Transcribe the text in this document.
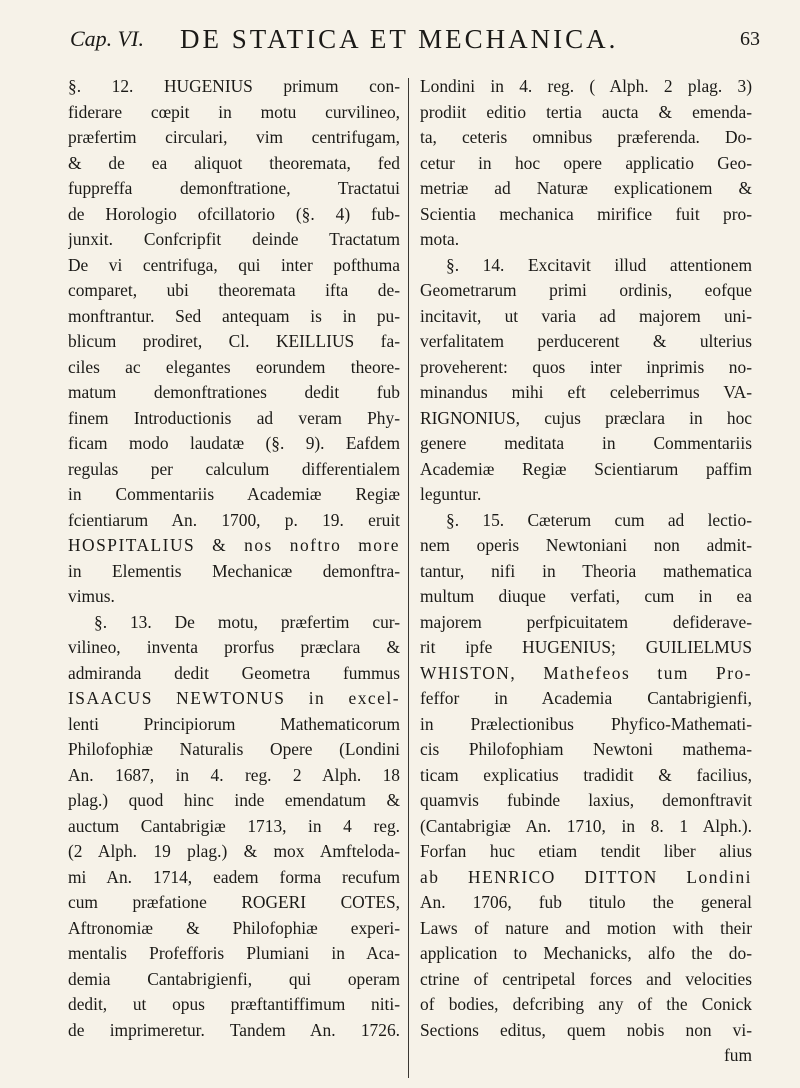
Cap. VI. DE STATICA ET MECHANICA.	63
§. 12. HUGENIUS primum con-
fiderare cœpit in motu curvilineo,
præfertim circulari, vim centrifugam,
& de ea aliquot theoremata, fed
fuppreffa demonftratione, Tractatui
de Horologio ofcillatorio (§. 4) fub-
junxit. Confcripfit deinde Tractatum
De vi centrifuga, qui inter pofthuma
comparet, ubi theoremata ifta de-
monftrantur. Sed antequam is in pu-
blicum prodiret, Cl. KEILLIUS fa-
ciles ac elegantes eorundem theore-
matum demonftrationes dedit fub
finem Introductionis ad veram Phy-
ficam modo laudatæ (§. 9). Eafdem
regulas per calculum differentialem
in Commentariis Academiæ Regiæ
fcientiarum An. 1700, p. 19. eruit
HOSPITALIUS & nos noftro more
in Elementis Mechanicæ demonftra-
vimus.
§. 13. De motu, præfertim cur-
vilineo, inventa prorfus præclara &
admiranda dedit Geometra fummus
ISAACUS NEWTONUS in excel-
lenti Principiorum Mathematicorum
Philofophiæ Naturalis Opere (Londini
An. 1687, in 4. reg. 2 Alph. 18
plag.) quod hinc inde emendatum &
auctum Cantabrigiæ 1713, in 4 reg.
(2 Alph. 19 plag.) & mox Amftelodа-
mi An. 1714, eadem forma recufum
cum præfatione ROGERI COTES,
Aftronomiæ & Philofophiæ experi-
mentalis Profefforis Plumiani in Aca-
demia Cantabrigienfi, qui operam
dedit, ut opus præftantiffimum niti-
de imprimeretur. Tandem An. 1726.
Londini in 4. reg. ( Alph. 2 plag. 3)
prodiit editio tertia aucta & emenda-
ta, ceteris omnibus præferenda. Do-
cetur in hoc opere applicatio Geo-
metriæ ad Naturæ explicationem &
Scientia mechanica mirifice fuit pro-
mota.
§. 14. Excitavit illud attentionem
Geometrarum primi ordinis, eofque
incitavit, ut varia ad majorem uni-
verfalitatem perducerent & ulterius
proveherent: quos inter inprimis no-
minandus mihi eft celeberrimus VA-
RIGNONIUS, cujus præclara in hoc
genere meditata in Commentariis
Academiæ Regiæ Scientiarum paffim
leguntur.
§. 15. Cæterum cum ad lectio-
nem operis Newtoniani non admit-
tantur, nifi in Theoria mathematica
multum diuque verfati, cum in ea
majorem perfpicuitatem defiderave-
rit ipfe HUGENIUS; GUILIELMUS
WHISTON, Mathefeos tum Pro-
feffor in Academia Cantabrigienfi,
in Prælectionibus Phyfico-Mathemati-
cis Philofophiam Newtoni mathema-
ticam explicatius tradidit & facilius,
quamvis fubinde laxius, demonftravit
(Cantabrigiæ An. 1710, in 8. 1 Alph.).
Forfan huc etiam tendit liber alius
ab HENRICO DITTON Londini
An. 1706, fub titulo the general
Laws of nature and motion with their
application to Mechanicks, alfo the do-
ctrine of centripetal forces and velocities
of bodies, defcribing any of the Conick
Sections editus, quem nobis non vi-
fum
